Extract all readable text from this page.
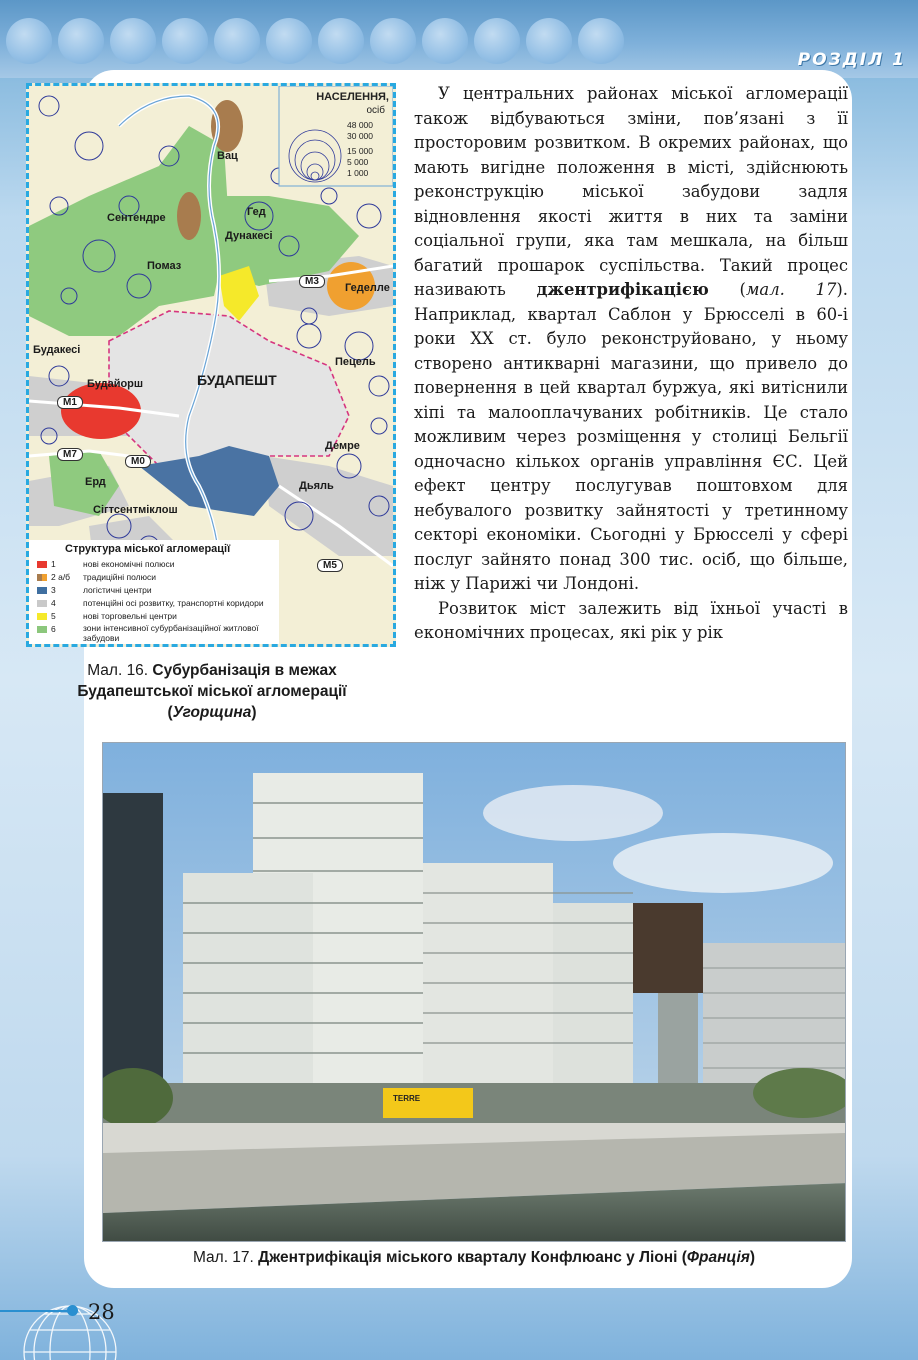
РОЗДІЛ 1
НАСЕЛЕННЯ,
осіб
48 000
30 000
15 000
5 000
1 000
Вац
Сентендре	Гед
Дунакесі
Помаз
Геделле
Будакесі
Будайорш	БУДАПЕШТ
Пецель
Демре
Ерд	Дьяль
Сігтсентміклош
M1
M3
M7
M0
M5
Структура міської агломерації
1	нові економічні полюси
2 а/б традиційні полюси
3	логістичні центри
4	потенційні осі розвитку, транспортні коридори
5	нові торговельні центри
6	зони інтенсивної субурбанізаційної житлової забудови
Мал. 16. Субурбанізація в межах Будапештської міської агломерації (Угорщина)

У центральних районах міської агломерації також відбуваються зміни, пов’язані з її просторовим розвитком. В окремих районах, що мають вигідне положення в місті, здійснюють реконструкцію міської забудови задля відновлення якості життя в них та заміни соціальної групи, яка там мешкала, на більш багатий прошарок суспільства. Такий процес називають джентрифікацією (мал. 17). Наприклад, квартал Саблон у Брюсселі в 60-і роки XX ст. було реконструйовано, у ньому створено антикварні магазини, що привело до повернення в цей квартал буржуа, які витіснили хіпі та малооплачуваних робітників. Це стало можливим через розміщення у столиці Бельгії одночасно кількох органів управління ЄС. Цей ефект центру послугував поштовхом для небувалого розвитку зайнятості у третинному секторі економіки. Сьогодні у Брюсселі у сфері послуг зайнято понад 300 тис. осіб, що більше, ніж у Парижі чи Лондоні.

Розвиток міст залежить від їхньої участі в економічних процесах, які рік у рік

TERRE
Мал. 17. Джентрифікація міського кварталу Конфлюанс у Ліоні (Франція)
28
